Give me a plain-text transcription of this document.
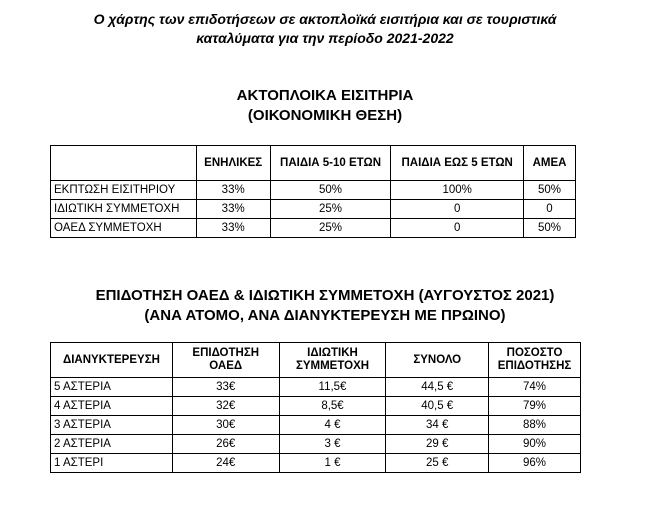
Ο χάρτης των επιδοτήσεων σε ακτοπλοϊκά εισιτήρια και σε τουριστικά
καταλύματα για την περίοδο 2021-2022
ΑΚΤΟΠΛΟΙΚΑ ΕΙΣΙΤΗΡΙΑ
(ΟΙΚΟΝΟΜΙΚΗ ΘΕΣΗ)
	ΕΝΗΛΙΚΕΣ	ΠΑΙΔΙΑ 5-10 ΕΤΩΝ	ΠΑΙΔΙΑ ΕΩΣ 5 ΕΤΩΝ	ΑΜΕΑ
ΕΚΠΤΩΣΗ ΕΙΣΙΤΗΡΙΟΥ	33%	50%	100%	50%
ΙΔΙΩΤΙΚΗ ΣΥΜΜΕΤΟΧΗ	33%	25%	0	0
ΟΑΕΔ ΣΥΜΜΕΤΟΧΗ	33%	25%	0	50%
ΕΠΙΔΟΤΗΣΗ ΟΑΕΔ & ΙΔΙΩΤΙΚΗ ΣΥΜΜΕΤΟΧΗ (ΑΥΓΟΥΣΤΟΣ 2021)
(ΑΝΑ ΑΤΟΜΟ, ΑΝΑ ΔΙΑΝΥΚΤΕΡΕΥΣΗ ΜΕ ΠΡΩΙΝΟ)
ΔΙΑΝΥΚΤΕΡΕΥΣΗ	ΕΠΙΔΟΤΗΣΗ ΟΑΕΔ	ΙΔΙΩΤΙΚΗ ΣΥΜΜΕΤΟΧΗ	ΣΥΝΟΛΟ	ΠΟΣΟΣΤΟ ΕΠΙΔΟΤΗΣΗΣ
5 ΑΣΤΕΡΙΑ	33€	11,5€	44,5 €	74%
4 ΑΣΤΕΡΙΑ	32€	8,5€	40,5 €	79%
3 ΑΣΤΕΡΙΑ	30€	4 €	34 €	88%
2 ΑΣΤΕΡΙΑ	26€	3 €	29 €	90%
1 ΑΣΤΕΡΙ	24€	1 €	25 €	96%
